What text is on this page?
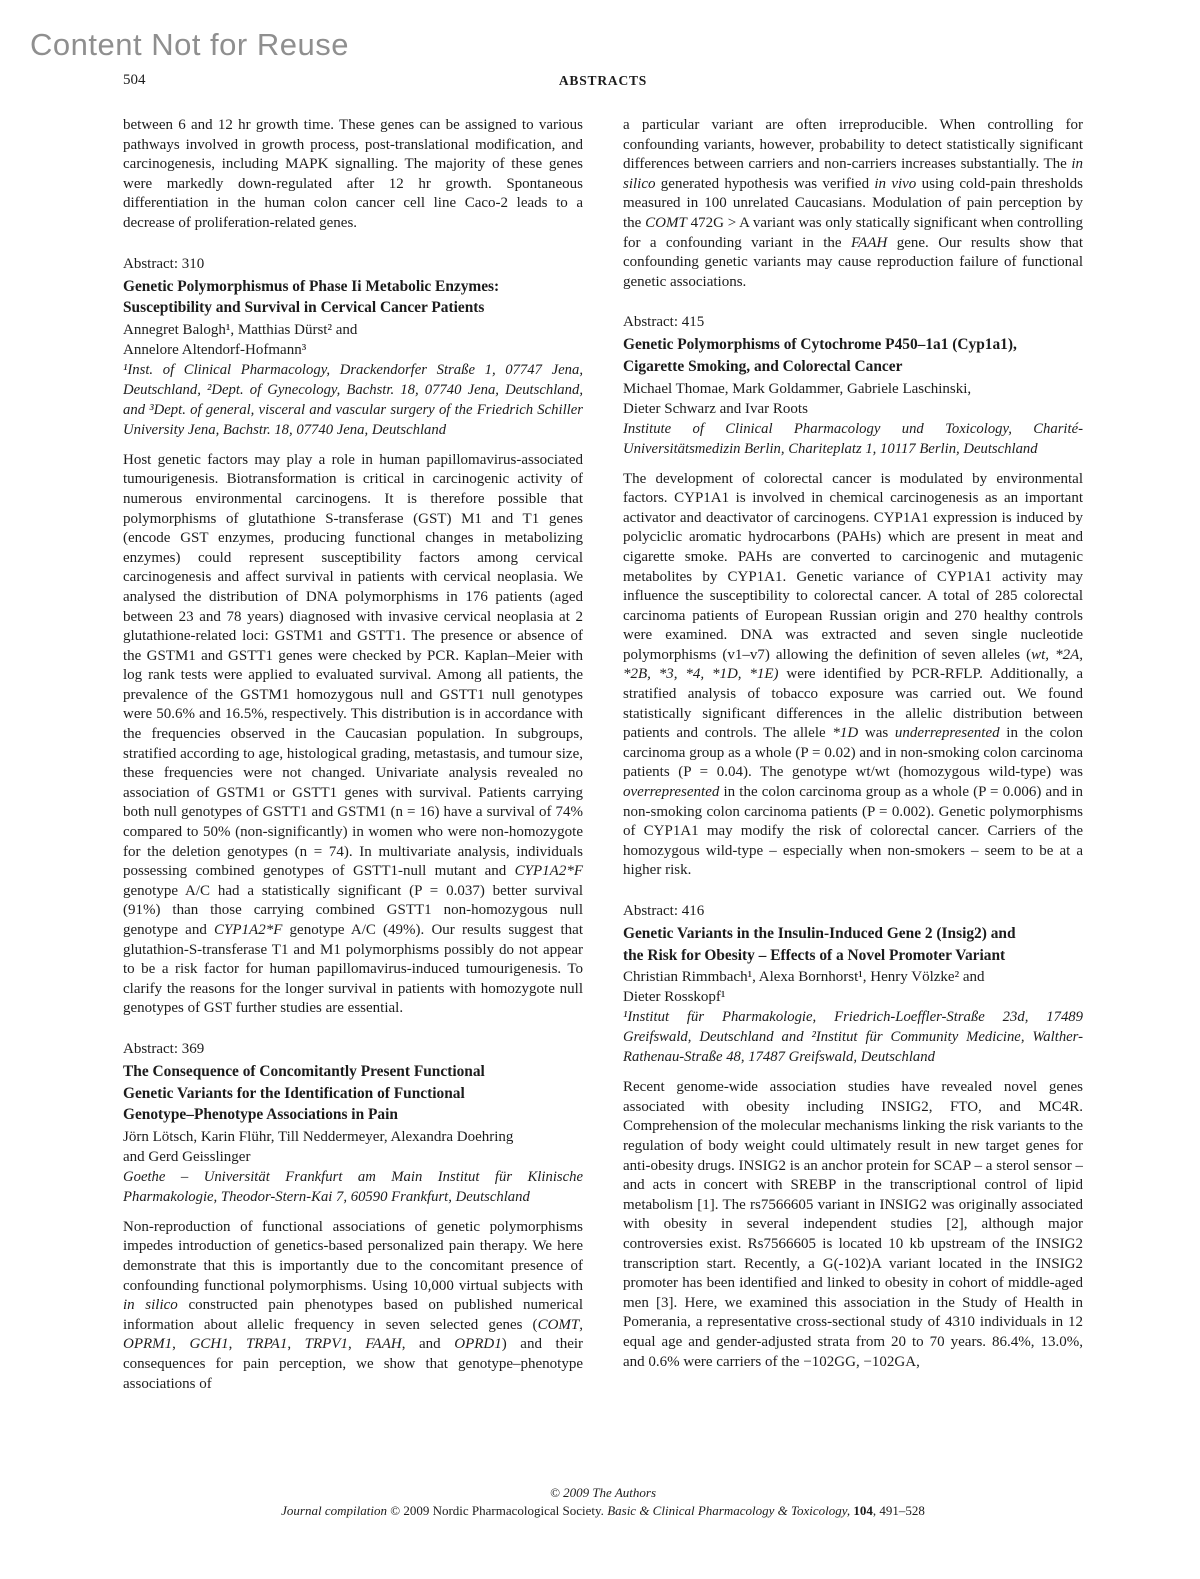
Content Not for Reuse
504	ABSTRACTS

between 6 and 12 hr growth time. These genes can be assigned to various pathways involved in growth process, post-translational modification, and carcinogenesis, including MAPK signalling. The majority of these genes were markedly down-regulated after 12 hr growth. Spontaneous differentiation in the human colon cancer cell line Caco-2 leads to a decrease of proliferation-related genes.

Abstract: 310

Genetic Polymorphismus of Phase Ii Metabolic Enzymes:
Susceptibility and Survival in Cervical Cancer Patients

Annegret Balogh¹, Matthias Dürst² and
Annelore Altendorf-Hofmann³

¹Inst. of Clinical Pharmacology, Drackendorfer Straße 1, 07747 Jena, Deutschland, ²Dept. of Gynecology, Bachstr. 18, 07740 Jena, Deutschland, and ³Dept. of general, visceral and vascular surgery of the Friedrich Schiller University Jena, Bachstr. 18, 07740 Jena, Deutschland

Host genetic factors may play a role in human papillomavirus-associated tumourigenesis. Biotransformation is critical in carcinogenic activity of numerous environmental carcinogens. It is therefore possible that polymorphisms of glutathione S-transferase (GST) M1 and T1 genes (encode GST enzymes, producing functional changes in metabolizing enzymes) could represent susceptibility factors among cervical carcinogenesis and affect survival in patients with cervical neoplasia. We analysed the distribution of DNA polymorphisms in 176 patients (aged between 23 and 78 years) diagnosed with invasive cervical neoplasia at 2 glutathione-related loci: GSTM1 and GSTT1. The presence or absence of the GSTM1 and GSTT1 genes were checked by PCR. Kaplan–Meier with log rank tests were applied to evaluated survival. Among all patients, the prevalence of the GSTM1 homozygous null and GSTT1 null genotypes were 50.6% and 16.5%, respectively. This distribution is in accordance with the frequencies observed in the Caucasian population. In subgroups, stratified according to age, histological grading, metastasis, and tumour size, these frequencies were not changed. Univariate analysis revealed no association of GSTM1 or GSTT1 genes with survival. Patients carrying both null genotypes of GSTT1 and GSTM1 (n = 16) have a survival of 74% compared to 50% (non-significantly) in women who were non-homozygote for the deletion genotypes (n = 74). In multivariate analysis, individuals possessing combined genotypes of GSTT1-null mutant and CYP1A2*F genotype A/C had a statistically significant (P = 0.037) better survival (91%) than those carrying combined GSTT1 non-homozygous null genotype and CYP1A2*F genotype A/C (49%). Our results suggest that glutathion-S-transferase T1 and M1 polymorphisms possibly do not appear to be a risk factor for human papillomavirus-induced tumourigenesis. To clarify the reasons for the longer survival in patients with homozygote null genotypes of GST further studies are essential.

Abstract: 369

The Consequence of Concomitantly Present Functional
Genetic Variants for the Identification of Functional
Genotype–Phenotype Associations in Pain

Jörn Lötsch, Karin Flühr, Till Neddermeyer, Alexandra Doehring
and Gerd Geisslinger

Goethe – Universität Frankfurt am Main Institut für Klinische Pharmakologie, Theodor-Stern-Kai 7, 60590 Frankfurt, Deutschland

Non-reproduction of functional associations of genetic polymorphisms impedes introduction of genetics-based personalized pain therapy. We here demonstrate that this is importantly due to the concomitant presence of confounding functional polymorphisms. Using 10,000 virtual subjects with in silico constructed pain phenotypes based on published numerical information about allelic frequency in seven selected genes (COMT, OPRM1, GCH1, TRPA1, TRPV1, FAAH, and OPRD1) and their consequences for pain perception, we show that genotype–phenotype associations of

a particular variant are often irreproducible. When controlling for confounding variants, however, probability to detect statistically significant differences between carriers and non-carriers increases substantially. The in silico generated hypothesis was verified in vivo using cold-pain thresholds measured in 100 unrelated Caucasians. Modulation of pain perception by the COMT 472G > A variant was only statically significant when controlling for a confounding variant in the FAAH gene. Our results show that confounding genetic variants may cause reproduction failure of functional genetic associations.

Abstract: 415

Genetic Polymorphisms of Cytochrome P450–1a1 (Cyp1a1),
Cigarette Smoking, and Colorectal Cancer

Michael Thomae, Mark Goldammer, Gabriele Laschinski,
Dieter Schwarz and Ivar Roots

Institute of Clinical Pharmacology und Toxicology, Charité-Universitätsmedizin Berlin, Chariteplatz 1, 10117 Berlin, Deutschland

The development of colorectal cancer is modulated by environmental factors. CYP1A1 is involved in chemical carcinogenesis as an important activator and deactivator of carcinogens. CYP1A1 expression is induced by polyciclic aromatic hydrocarbons (PAHs) which are present in meat and cigarette smoke. PAHs are converted to carcinogenic and mutagenic metabolites by CYP1A1. Genetic variance of CYP1A1 activity may influence the susceptibility to colorectal cancer. A total of 285 colorectal carcinoma patients of European Russian origin and 270 healthy controls were examined. DNA was extracted and seven single nucleotide polymorphisms (v1–v7) allowing the definition of seven alleles (wt, *2A, *2B, *3, *4, *1D, *1E) were identified by PCR-RFLP. Additionally, a stratified analysis of tobacco exposure was carried out. We found statistically significant differences in the allelic distribution between patients and controls. The allele *1D was underrepresented in the colon carcinoma group as a whole (P = 0.02) and in non-smoking colon carcinoma patients (P = 0.04). The genotype wt/wt (homozygous wild-type) was overrepresented in the colon carcinoma group as a whole (P = 0.006) and in non-smoking colon carcinoma patients (P = 0.002). Genetic polymorphisms of CYP1A1 may modify the risk of colorectal cancer. Carriers of the homozygous wild-type – especially when non-smokers – seem to be at a higher risk.

Abstract: 416

Genetic Variants in the Insulin-Induced Gene 2 (Insig2) and
the Risk for Obesity – Effects of a Novel Promoter Variant

Christian Rimmbach¹, Alexa Bornhorst¹, Henry Völzke² and
Dieter Rosskopf¹

¹Institut für Pharmakologie, Friedrich-Loeffler-Straße 23d, 17489 Greifswald, Deutschland and ²Institut für Community Medicine, Walther-Rathenau-Straße 48, 17487 Greifswald, Deutschland

Recent genome-wide association studies have revealed novel genes associated with obesity including INSIG2, FTO, and MC4R. Comprehension of the molecular mechanisms linking the risk variants to the regulation of body weight could ultimately result in new target genes for anti-obesity drugs. INSIG2 is an anchor protein for SCAP – a sterol sensor – and acts in concert with SREBP in the transcriptional control of lipid metabolism [1]. The rs7566605 variant in INSIG2 was originally associated with obesity in several independent studies [2], although major controversies exist. Rs7566605 is located 10 kb upstream of the INSIG2 transcription start. Recently, a G(-102)A variant located in the INSIG2 promoter has been identified and linked to obesity in cohort of middle-aged men [3]. Here, we examined this association in the Study of Health in Pomerania, a representative cross-sectional study of 4310 individuals in 12 equal age and gender-adjusted strata from 20 to 70 years. 86.4%, 13.0%, and 0.6% were carriers of the −102GG, −102GA,

© 2009 The Authors
Journal compilation © 2009 Nordic Pharmacological Society. Basic & Clinical Pharmacology & Toxicology, 104, 491–528
